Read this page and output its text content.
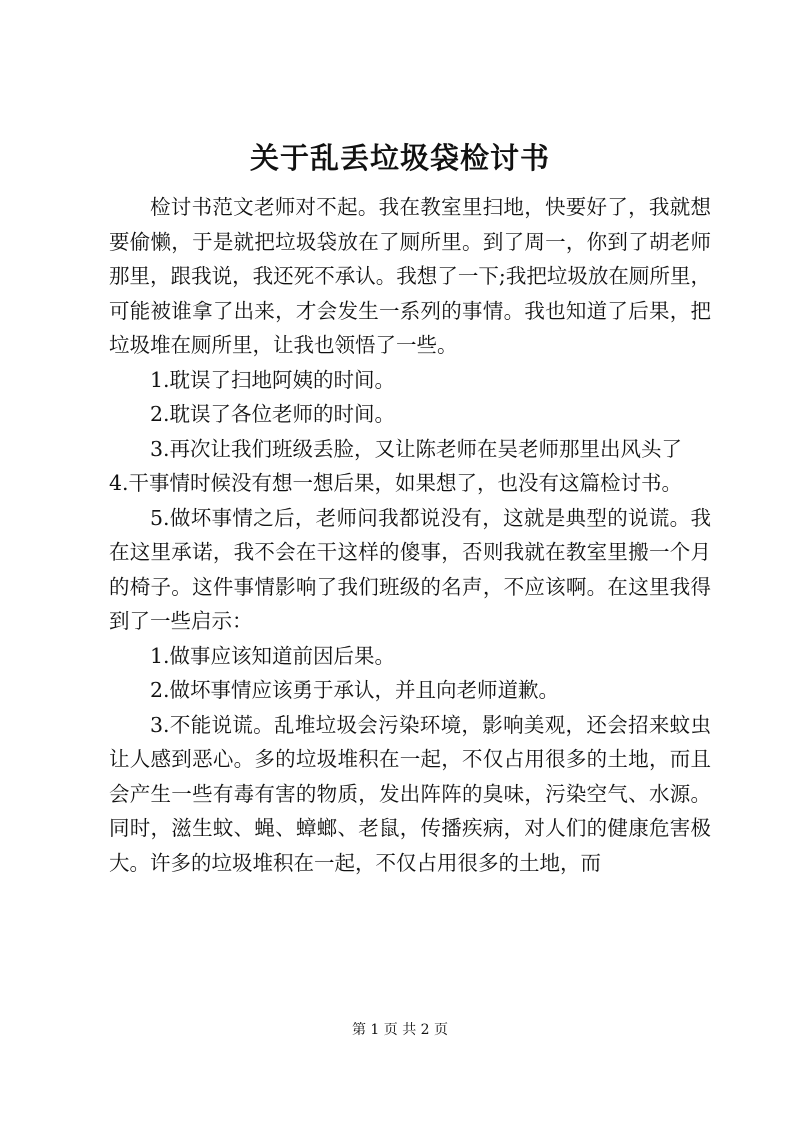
关于乱丢垃圾袋检讨书

检讨书范文老师对不起。我在教室里扫地，快要好了，我就想要偷懒，于是就把垃圾袋放在了厕所里。到了周一，你到了胡老师那里，跟我说，我还死不承认。我想了一下;我把垃圾放在厕所里，可能被谁拿了出来，才会发生一系列的事情。我也知道了后果，把垃圾堆在厕所里，让我也领悟了一些。

1.耽误了扫地阿姨的时间。

2.耽误了各位老师的时间。

3.再次让我们班级丢脸，又让陈老师在吴老师那里出风头了

4.干事情时候没有想一想后果，如果想了，也没有这篇检讨书。

5.做坏事情之后，老师问我都说没有，这就是典型的说谎。我在这里承诺，我不会在干这样的傻事，否则我就在教室里搬一个月的椅子。这件事情影响了我们班级的名声，不应该啊。在这里我得到了一些启示：

1.做事应该知道前因后果。

2.做坏事情应该勇于承认，并且向老师道歉。

3.不能说谎。乱堆垃圾会污染环境，影响美观，还会招来蚊虫让人感到恶心。多的垃圾堆积在一起，不仅占用很多的土地，而且会产生一些有毒有害的物质，发出阵阵的臭味，污染空气、水源。同时，滋生蚊、蝇、蟑螂、老鼠，传播疾病，对人们的健康危害极大。许多的垃圾堆积在一起，不仅占用很多的土地，而

第 1 页 共 2 页
